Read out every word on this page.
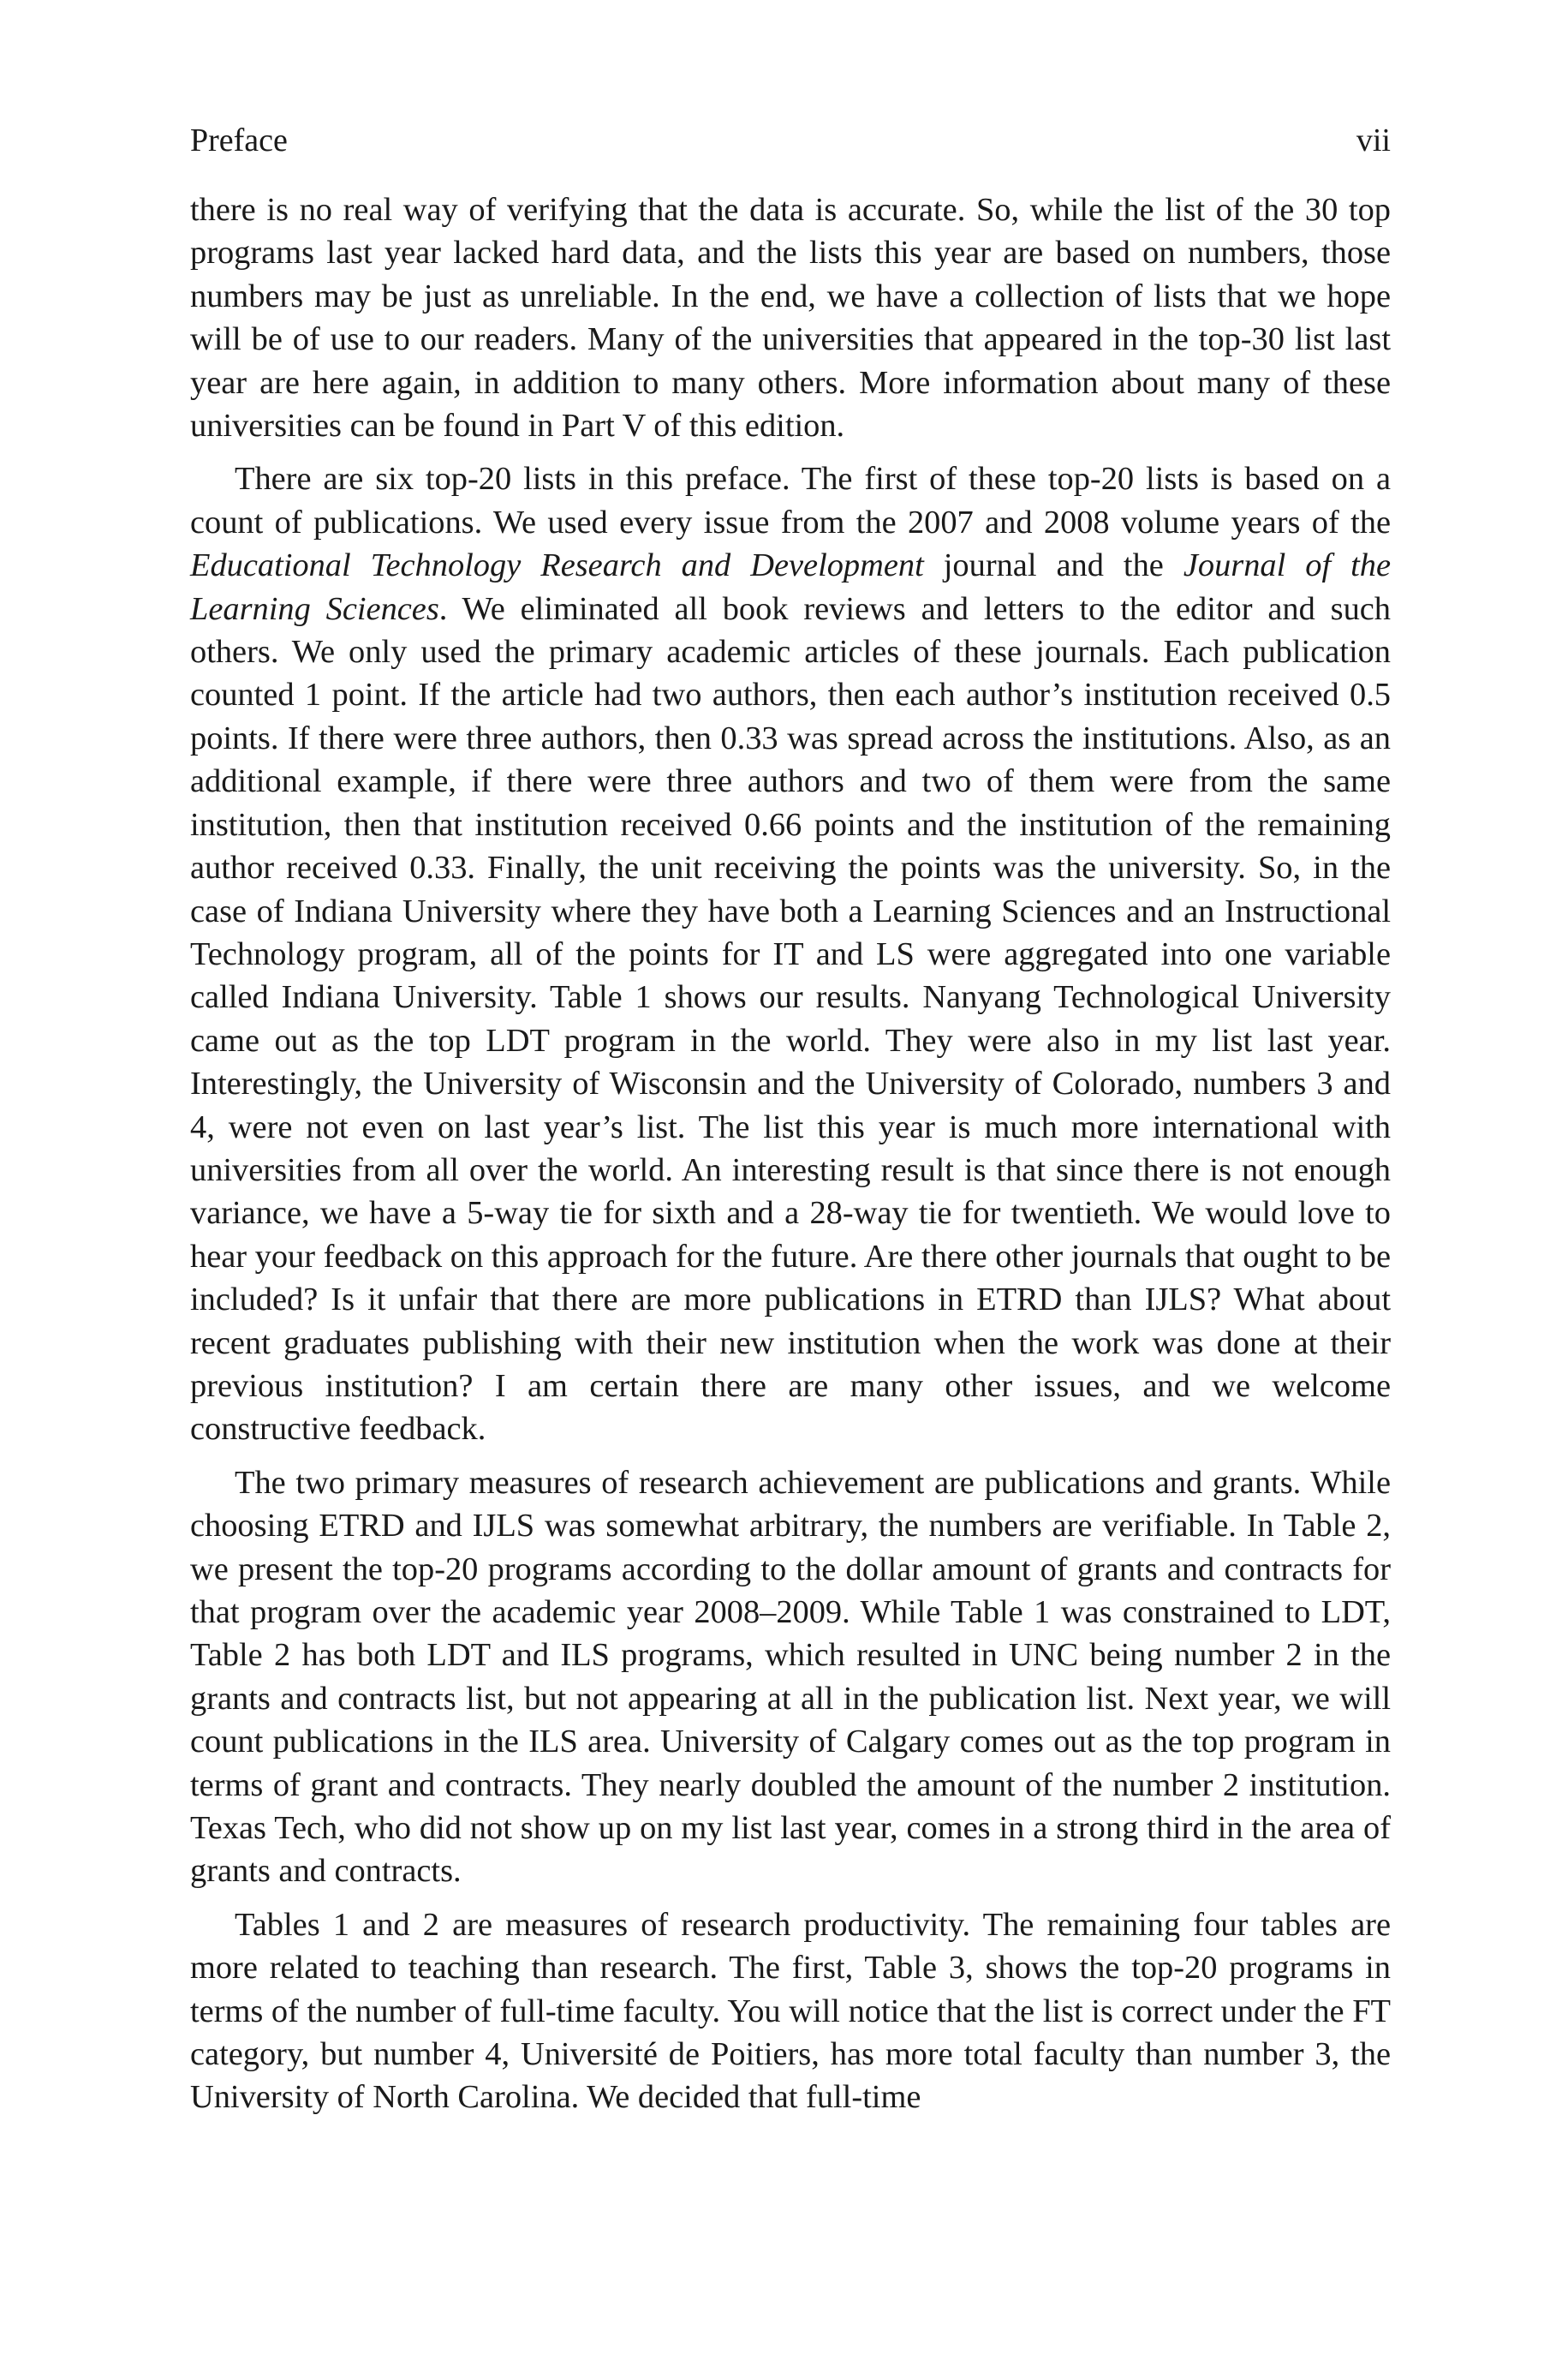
Preface	vii

there is no real way of verifying that the data is accurate. So, while the list of the 30 top programs last year lacked hard data, and the lists this year are based on numbers, those numbers may be just as unreliable. In the end, we have a collection of lists that we hope will be of use to our readers. Many of the universities that appeared in the top-30 list last year are here again, in addition to many others. More information about many of these universities can be found in Part V of this edition.

There are six top-20 lists in this preface. The first of these top-20 lists is based on a count of publications. We used every issue from the 2007 and 2008 volume years of the Educational Technology Research and Development journal and the Journal of the Learning Sciences. We eliminated all book reviews and letters to the editor and such others. We only used the primary academic articles of these journals. Each publication counted 1 point. If the article had two authors, then each author’s institution received 0.5 points. If there were three authors, then 0.33 was spread across the institutions. Also, as an additional example, if there were three authors and two of them were from the same institution, then that institution received 0.66 points and the institution of the remaining author received 0.33. Finally, the unit receiving the points was the university. So, in the case of Indiana University where they have both a Learning Sciences and an Instructional Technology program, all of the points for IT and LS were aggregated into one variable called Indiana University. Table 1 shows our results. Nanyang Technological University came out as the top LDT program in the world. They were also in my list last year. Interestingly, the University of Wisconsin and the University of Colorado, numbers 3 and 4, were not even on last year’s list. The list this year is much more international with universities from all over the world. An interesting result is that since there is not enough variance, we have a 5-way tie for sixth and a 28-way tie for twentieth. We would love to hear your feedback on this approach for the future. Are there other journals that ought to be included? Is it unfair that there are more publications in ETRD than IJLS? What about recent graduates publishing with their new institution when the work was done at their previous institution? I am certain there are many other issues, and we welcome constructive feedback.

The two primary measures of research achievement are publications and grants. While choosing ETRD and IJLS was somewhat arbitrary, the numbers are verifiable. In Table 2, we present the top-20 programs according to the dollar amount of grants and contracts for that program over the academic year 2008–2009. While Table 1 was constrained to LDT, Table 2 has both LDT and ILS programs, which resulted in UNC being number 2 in the grants and contracts list, but not appearing at all in the publication list. Next year, we will count publications in the ILS area. University of Calgary comes out as the top program in terms of grant and contracts. They nearly doubled the amount of the number 2 institution. Texas Tech, who did not show up on my list last year, comes in a strong third in the area of grants and contracts.

Tables 1 and 2 are measures of research productivity. The remaining four tables are more related to teaching than research. The first, Table 3, shows the top-20 programs in terms of the number of full-time faculty. You will notice that the list is correct under the FT category, but number 4, Université de Poitiers, has more total faculty than number 3, the University of North Carolina. We decided that full-time
